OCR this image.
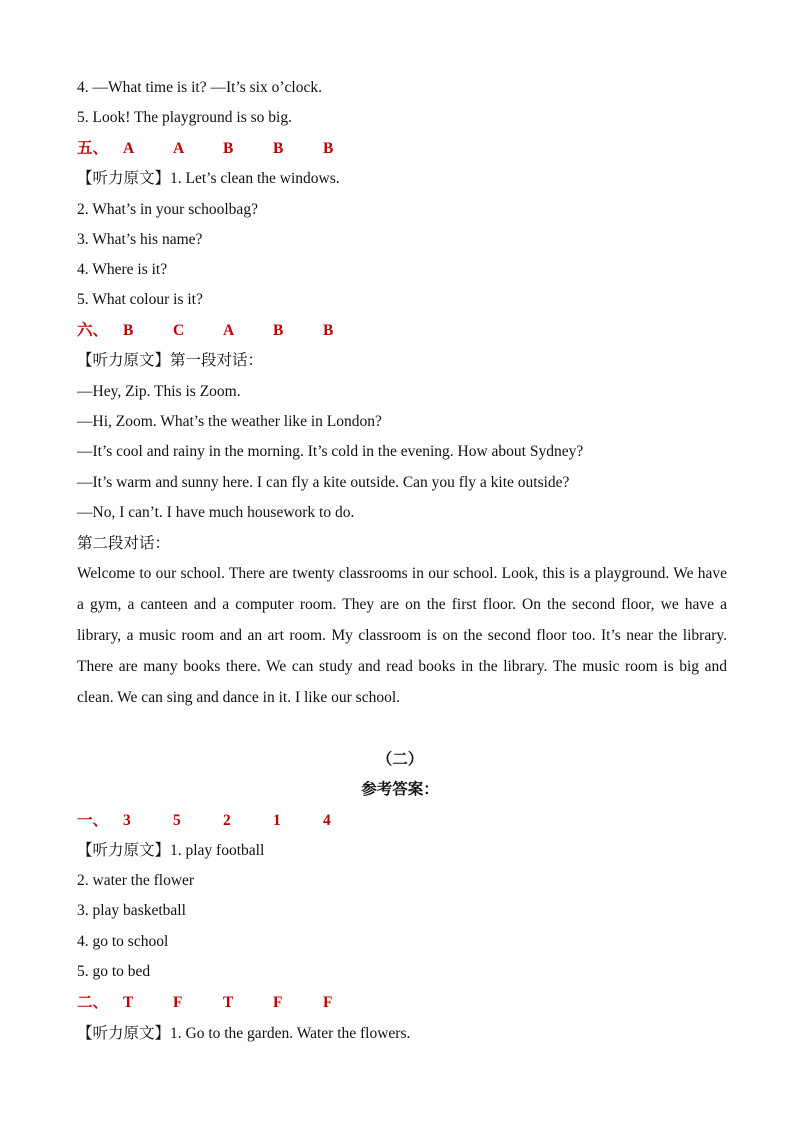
4. —What time is it? —It’s six o’clock.
5. Look! The playground is so big.
五、 A	A	B	B	B
【听力原文】1. Let’s clean the windows.
2. What’s in your schoolbag?
3. What’s his name?
4. Where is it?
5. What colour is it?
六、 B	C	A	B	B
【听力原文】第一段对话：
—Hey, Zip. This is Zoom.
—Hi, Zoom. What’s the weather like in London?
—It’s cool and rainy in the morning. It’s cold in the evening. How about Sydney?
—It’s warm and sunny here. I can fly a kite outside. Can you fly a kite outside?
—No, I can’t. I have much housework to do.
第二段对话：
Welcome to our school. There are twenty classrooms in our school. Look, this is a playground. We have a gym, a canteen and a computer room. They are on the first floor. On the second floor, we have a library, a music room and an art room. My classroom is on the second floor too. It’s near the library. There are many books there. We can study and read books in the library. The music room is big and clean. We can sing and dance in it. I like our school.
（二）
参考答案：
一、 3	5	2	1	4
【听力原文】1. play football
2. water the flower
3. play basketball
4. go to school
5. go to bed
二、 T	F	T	F	F
【听力原文】1. Go to the garden. Water the flowers.
